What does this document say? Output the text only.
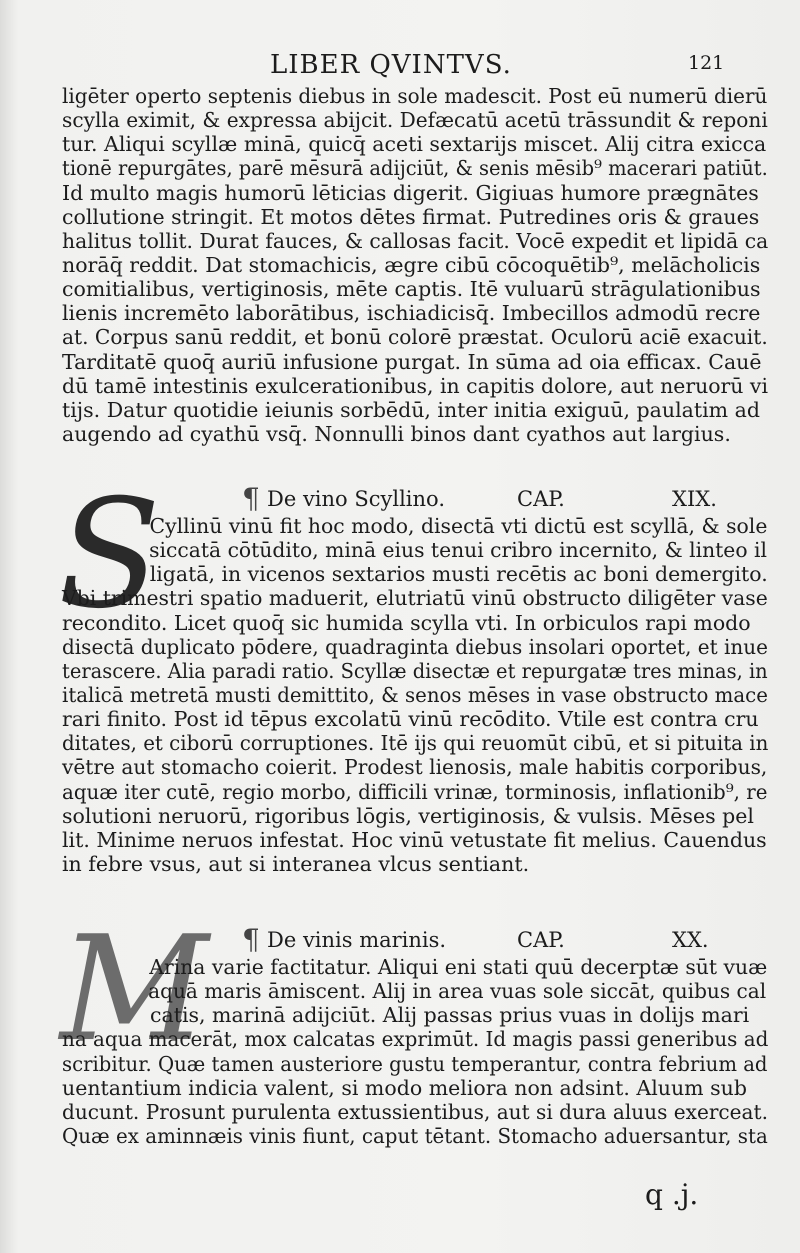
LIBER QVINTVS.	121
ligēter operto septenis diebus in sole madescit. Post eū numerū dierū
scylla eximit, & expressa abijcit. Defæcatū acetū trāssundit & reponi
tur. Aliqui scyllæ minā, quicq̄ aceti sextarijs miscet. Alij citra exicca
tionē repurgātes, parē mēsurā adijciūt, & senis mēsib⁹ macerari patiūt.
Id multo magis humorū lēticias digerit. Gigiuas humore prægnātes
collutione stringit. Et motos dētes firmat. Putredines oris & graues
halitus tollit. Durat fauces, & callosas facit. Vocē expedit et lipidā ca
norāq̄ reddit. Dat stomachicis, ægre cibū cōcoquētib⁹, melācholicis
comitialibus, vertiginosis, mēte captis. Itē vuluarū strāgulationibus
lienis incremēto laborātibus, ischiadicisq̄. Imbecillos admodū recre
at. Corpus sanū reddit, et bonū colorē præstat. Oculorū aciē exacuit.
Tarditatē quoq̄ auriū infusione purgat. In sūma ad oia efficax. Cauē
dū tamē intestinis exulcerationibus, in capitis dolore, aut neruorū vi
tijs. Datur quotidie ieiunis sorbēdū, inter initia exiguū, paulatim ad
augendo ad cyathū vsq̄. Nonnulli binos dant cyathos aut largius.
¶ De vino Scyllino.	CAP.	XIX.
S
Cyllinū vinū fit hoc modo, disectā vti dictū est scyllā, & sole
siccatā cōtūdito, minā eius tenui cribro incernito, & linteo il
ligatā, in vicenos sextarios musti recētis ac boni demergito.
Vbi trimestri spatio maduerit, elutriatū vinū obstructo diligēter vase
recondito. Licet quoq̄ sic humida scylla vti. In orbiculos rapi modo
disectā duplicato pōdere, quadraginta diebus insolari oportet, et inue
terascere. Alia paradi ratio. Scyllæ disectæ et repurgatæ tres minas, in
italicā metretā musti demittito, & senos mēses in vase obstructo mace
rari finito. Post id tēpus excolatū vinū recōdito. Vtile est contra cru
ditates, et ciborū corruptiones. Itē ijs qui reuomūt cibū, et si pituita in
vētre aut stomacho coierit. Prodest lienosis, male habitis corporibus,
aquæ iter cutē, regio morbo, difficili vrinæ, torminosis, inflationib⁹, re
solutioni neruorū, rigoribus lōgis, vertiginosis, & vulsis. Mēses pel
lit. Minime neruos infestat. Hoc vinū vetustate fit melius. Cauendus
in febre vsus, aut si interanea vlcus sentiant.
¶ De vinis marinis.	CAP.	XX.
M
Arina varie factitatur. Aliqui eni stati quū decerptæ sūt vuæ
aquā maris āmiscent. Alij in area vuas sole siccāt, quibus cal
catis, marinā adijciūt. Alij passas prius vuas in dolijs mari
na aqua macerāt, mox calcatas exprimūt. Id magis passi generibus ad
scribitur. Quæ tamen austeriore gustu temperantur, contra febrium ad
uentantium indicia valent, si modo meliora non adsint. Aluum sub
ducunt. Prosunt purulenta extussientibus, aut si dura aluus exerceat.
Quæ ex aminnæis vinis fiunt, caput tētant. Stomacho aduersantur, sta
q .j.
